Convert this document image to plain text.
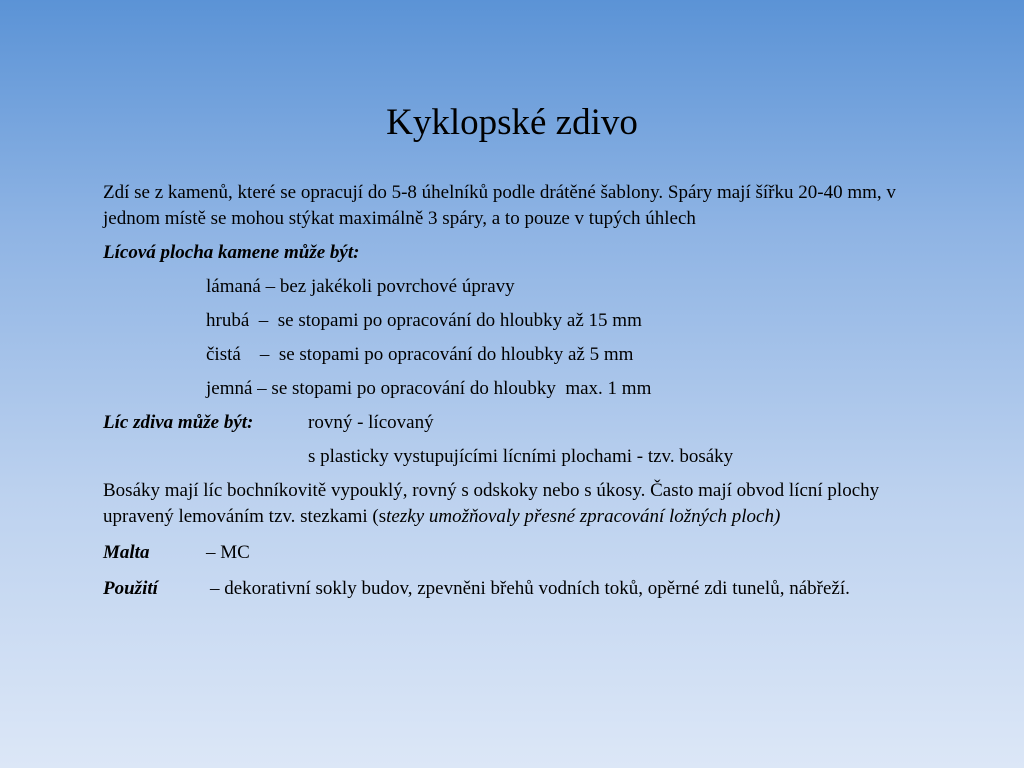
Kyklopské zdivo

Zdí se z kamenů, které se opracují do 5-8 úhelníků podle drátěné šablony. Spáry mají šířku 20-40 mm, v jednom místě se mohou stýkat maximálně 3 spáry, a to pouze v tupých úhlech

Lícová plocha kamene může být:

lámaná – bez jakékoli povrchové úpravy

hrubá  –  se stopami po opracování do hloubky až 15 mm

čistá    –  se stopami po opracování do hloubky až 5 mm

jemná – se stopami po opracování do hloubky  max. 1 mm

Líc zdiva může být:	rovný - lícovaný

s plasticky vystupujícími lícními plochami - tzv. bosáky

Bosáky mají líc bochníkovitě vypouklý, rovný s odskoky nebo s úkosy. Často mají obvod lícní plochy upravený lemováním tzv. stezkami (stezky umožňovaly přesné zpracování ložných ploch)

Malta	– MC

Použití	– dekorativní sokly budov, zpevněni břehů vodních toků, opěrné zdi tunelů, nábřeží.
